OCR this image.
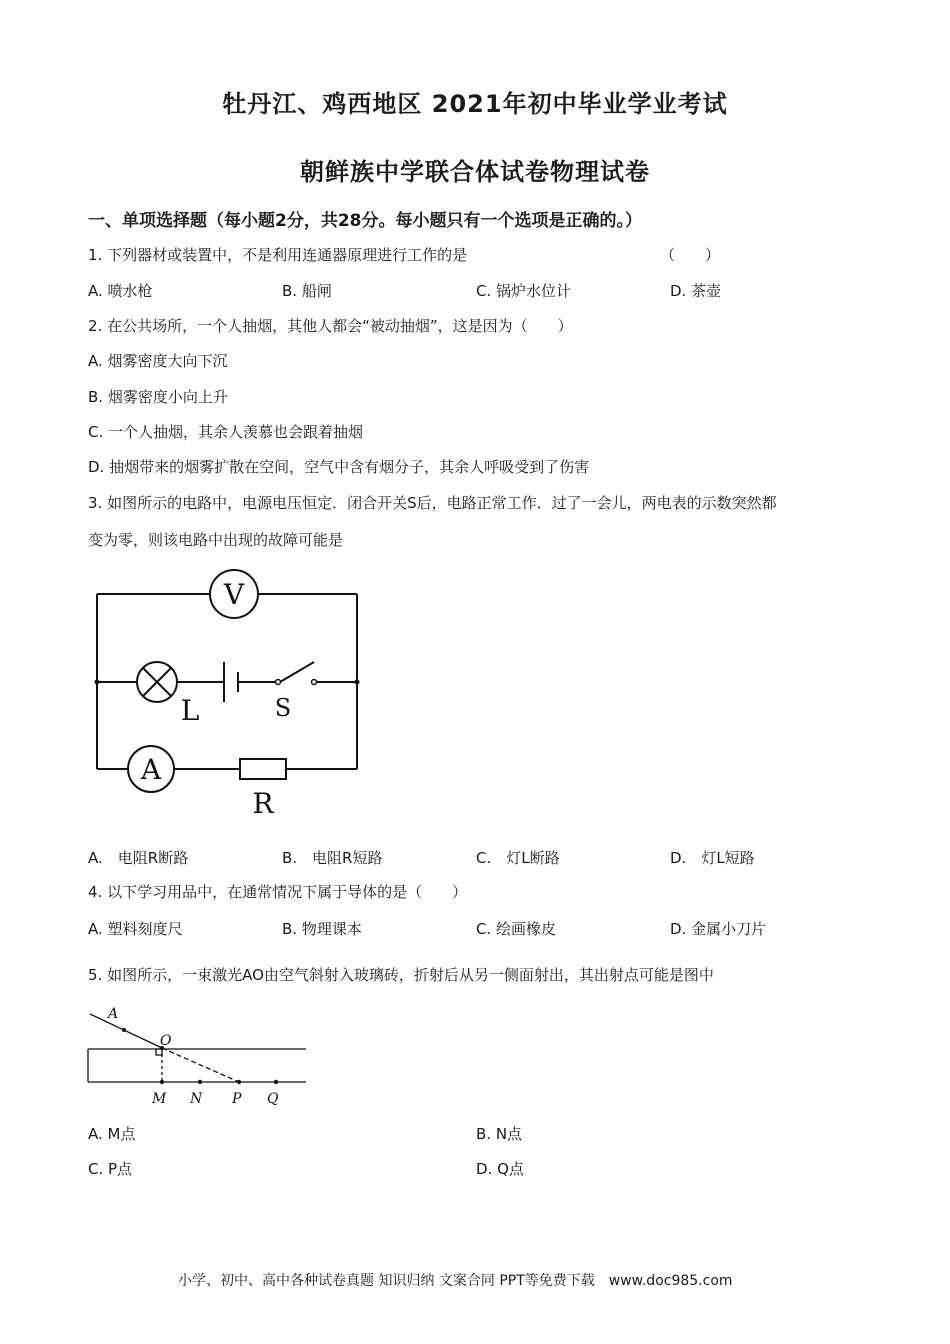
牡丹江、鸡西地区 2021年初中毕业学业考试
朝鲜族中学联合体试卷物理试卷
一、单项选择题（每小题2分，共28分。每小题只有一个选项是正确的。）
1. 下列器材或装置中，不是利用连通器原理进行工作的是	（　　）
A. 喷水枪	B. 船闸	C. 锅炉水位计	D. 茶壶
2. 在公共场所，一个人抽烟，其他人都会“被动抽烟”，这是因为（　　）
A. 烟雾密度大向下沉
B. 烟雾密度小向上升
C. 一个人抽烟，其余人羡慕也会跟着抽烟
D. 抽烟带来的烟雾扩散在空间，空气中含有烟分子，其余人呼吸受到了伤害
3. 如图所示的电路中，电源电压恒定．闭合开关S后，电路正常工作．过了一会儿，两电表的示数突然都
变为零，则该电路中出现的故障可能是
V
A
L	S
R
A.　电阻R断路	B.　电阻R短路	C.　灯L断路	D.　灯L短路
4. 以下学习用品中，在通常情况下属于导体的是（　　）
A. 塑料刻度尺	B. 物理课本	C. 绘画橡皮	D. 金属小刀片
5. 如图所示，一束激光AO由空气斜射入玻璃砖，折射后从另一侧面射出，其出射点可能是图中
A
O
M N P Q
A. M点	B. N点
C. P点	D. Q点
小学、初中、高中各种试卷真题 知识归纳 文案合同 PPT等免费下载　www.doc985.com
